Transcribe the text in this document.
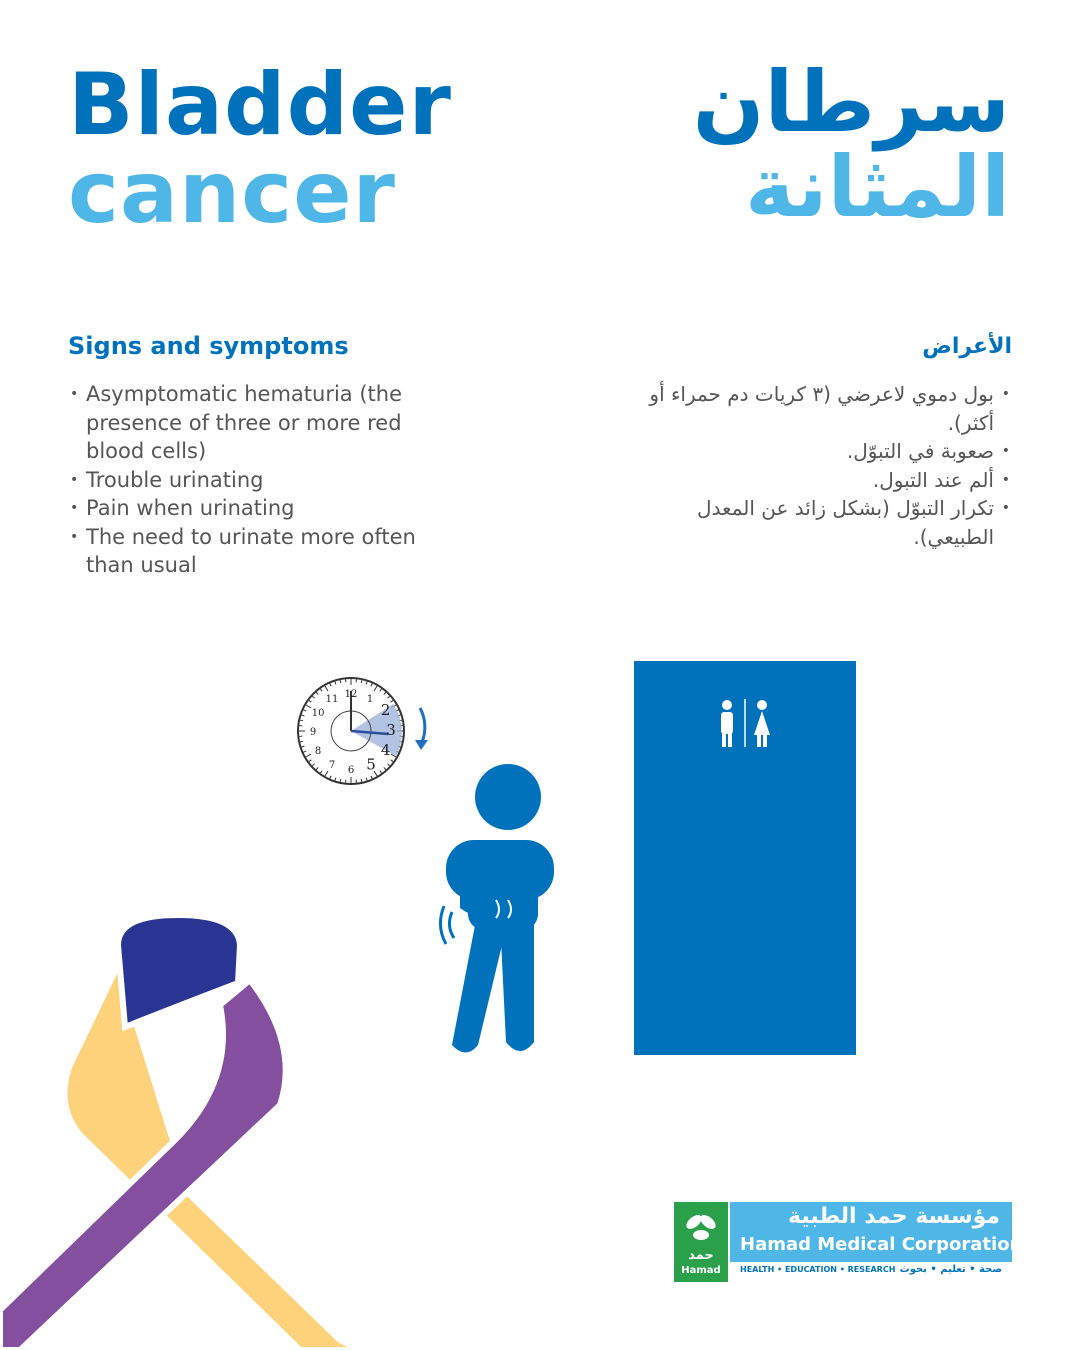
Bladder
cancer
سرطان
المثانة
Signs and symptoms	الأعراض
• Asymptomatic hematuria (the presence of three or more red blood cells)
• Trouble urinating
• Pain when urinating
• The need to urinate more often than usual
• بول دموي لاعرضي (٣ كريات دم حمراء أو أكثر).
• صعوبة في التبوّل.
• ألم عند التبول.
• تكرار التبوّل (بشكل زائد عن المعدل الطبيعي).
12 1
2
3
4
5
6
7
8
9
10
11
حمد
Hamad
مؤسسة حمد الطبية
Hamad Medical Corporation
HEALTH • EDUCATION • RESEARCH صحة • تعليم • بحوث
